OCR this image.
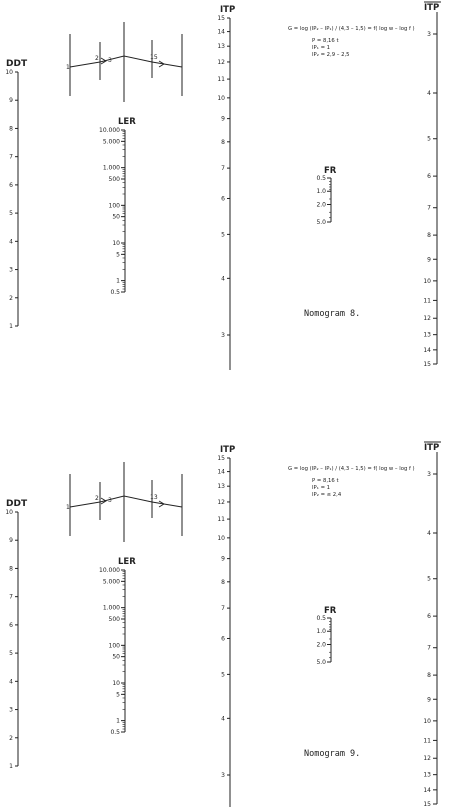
DDT
1
2
3
4
5
6
7
8
9
10
1
2 3	15
LER
0.5
1
5
10
50
100
500
1.000
5.000
10.000
ITP
3
4
5
6
7
8
9
10
11
12
13
14
15
FR
0.5
1.0
2.0
5.0
G = log (IP₂ – IP₁) / (4,3 – 1,5) = f( log w – log f )
P = 8,16 t
IP₁ = 1
IP₂ = 2,9 – 2,5
ITP
3
4
5
6
7
8
9
10
11
12
13
14
15
Nomogram 8.
DDT
1
2
3
4
5
6
7
8
9
10
1
2 3	13
LER
0.5
1
5
10
50
100
500
1.000
5.000
10.000
ITP
3
4
5
6
7
8
9
10
11
12
13
14
15
FR
0.5
1.0
2.0
5.0
G = log (IP₂ – IP₁) / (4,3 – 1,5) = f( log w – log f )
P = 8,16 t
IP₁ = 1
IP₂ = ≤ 2,4
ITP
3
4
5
6
7
8
9
10
11
12
13
14
15
Nomogram 9.
